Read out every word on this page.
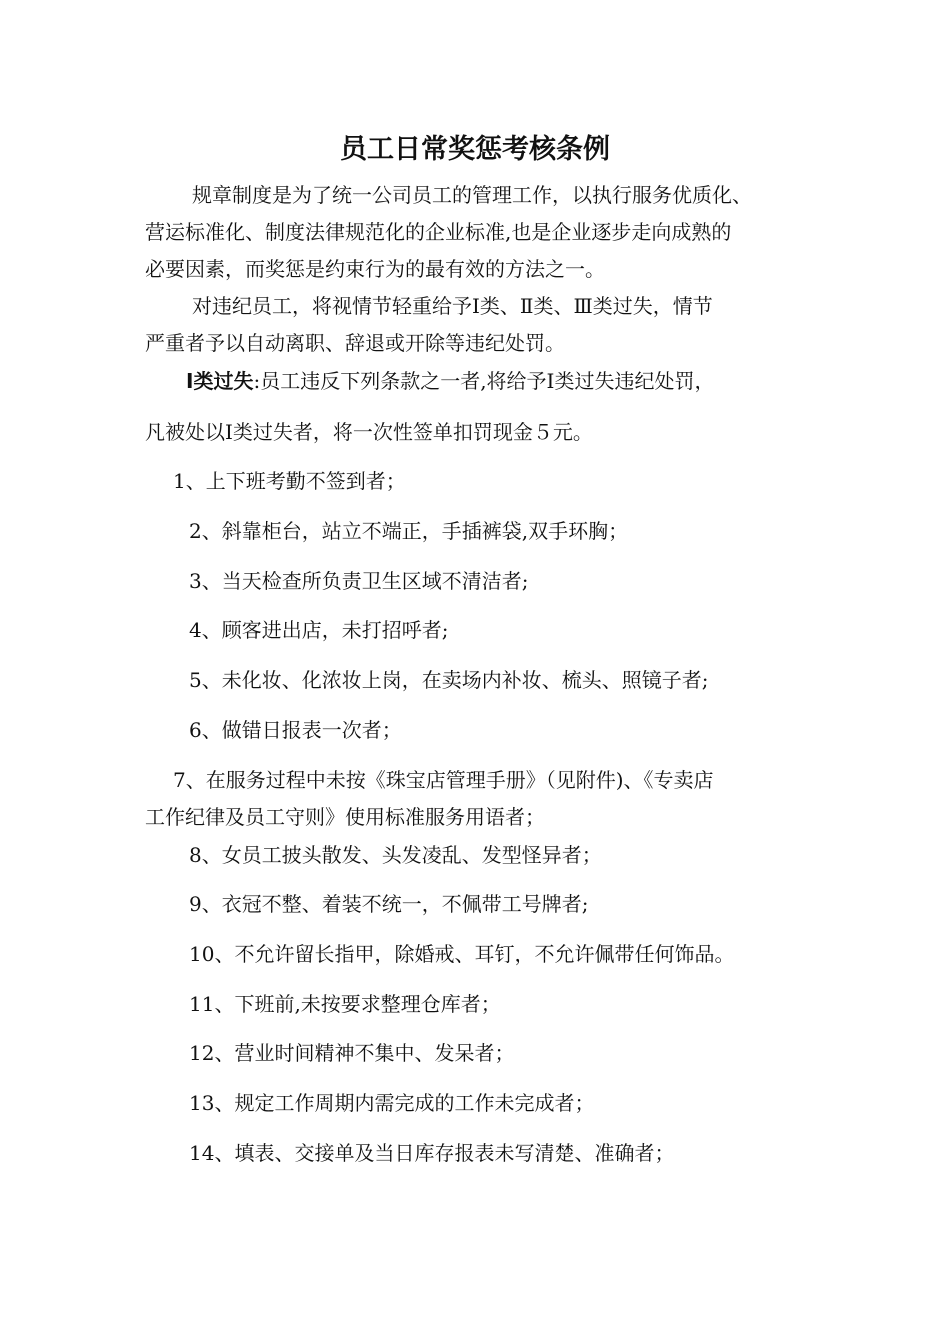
员工日常奖惩考核条例
规章制度是为了统一公司员工的管理工作，以执行服务优质化、
营运标准化、制度法律规范化的企业标准,也是企业逐步走向成熟的
必要因素，而奖惩是约束行为的最有效的方法之一。
对违纪员工，将视情节轻重给予Ⅰ类、Ⅱ类、Ⅲ类过失，情节
严重者予以自动离职、辞退或开除等违纪处罚。
Ⅰ类过失:员工违反下列条款之一者,将给予Ⅰ类过失违纪处罚，
凡被处以Ⅰ类过失者，将一次性签单扣罚现金５元。
1、上下班考勤不签到者；
2、斜靠柜台，站立不端正，手插裤袋,双手环胸；
3、当天检查所负责卫生区域不清洁者;
4、顾客进出店，未打招呼者;
5、未化妆、化浓妆上岗，在卖场内补妆、梳头、照镜子者;
6、做错日报表一次者；
7、在服务过程中未按《珠宝店管理手册》（见附件)、《专卖店
工作纪律及员工守则》使用标准服务用语者；
8、女员工披头散发、头发凌乱、发型怪异者；
9、衣冠不整、着装不统一，不佩带工号牌者;
10、不允许留长指甲，除婚戒、耳钉，不允许佩带任何饰品。
11、下班前,未按要求整理仓库者；
12、营业时间精神不集中、发呆者；
13、规定工作周期内需完成的工作未完成者；
14、填表、交接单及当日库存报表未写清楚、准确者；
